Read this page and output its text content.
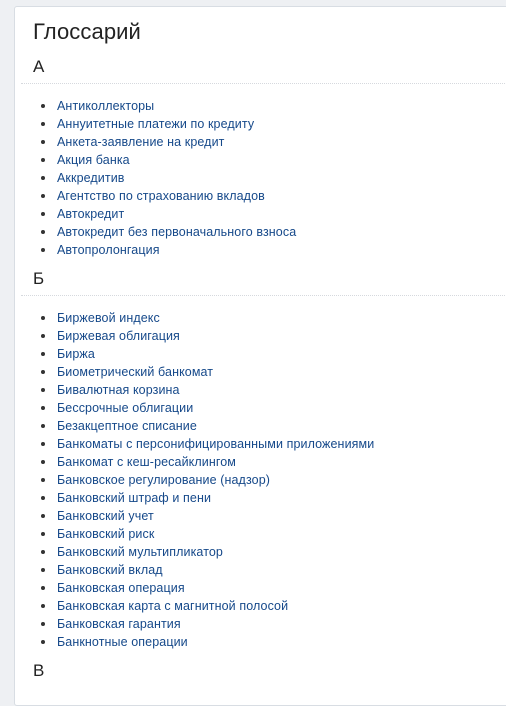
Глоссарий
А
Антиколлекторы
Аннуитетные платежи по кредиту
Анкета-заявление на кредит
Акция банка
Аккредитив
Агентство по страхованию вкладов
Автокредит
Автокредит без первоначального взноса
Автопролонгация
Б
Биржевой индекс
Биржевая облигация
Биржа
Биометрический банкомат
Бивалютная корзина
Бессрочные облигации
Безакцептное списание
Банкоматы с персонифицированными приложениями
Банкомат с кеш-ресайклингом
Банковское регулирование (надзор)
Банковский штраф и пени
Банковский учет
Банковский риск
Банковский мультипликатор
Банковский вклад
Банковская операция
Банковская карта с магнитной полосой
Банковская гарантия
Банкнотные операции
В
